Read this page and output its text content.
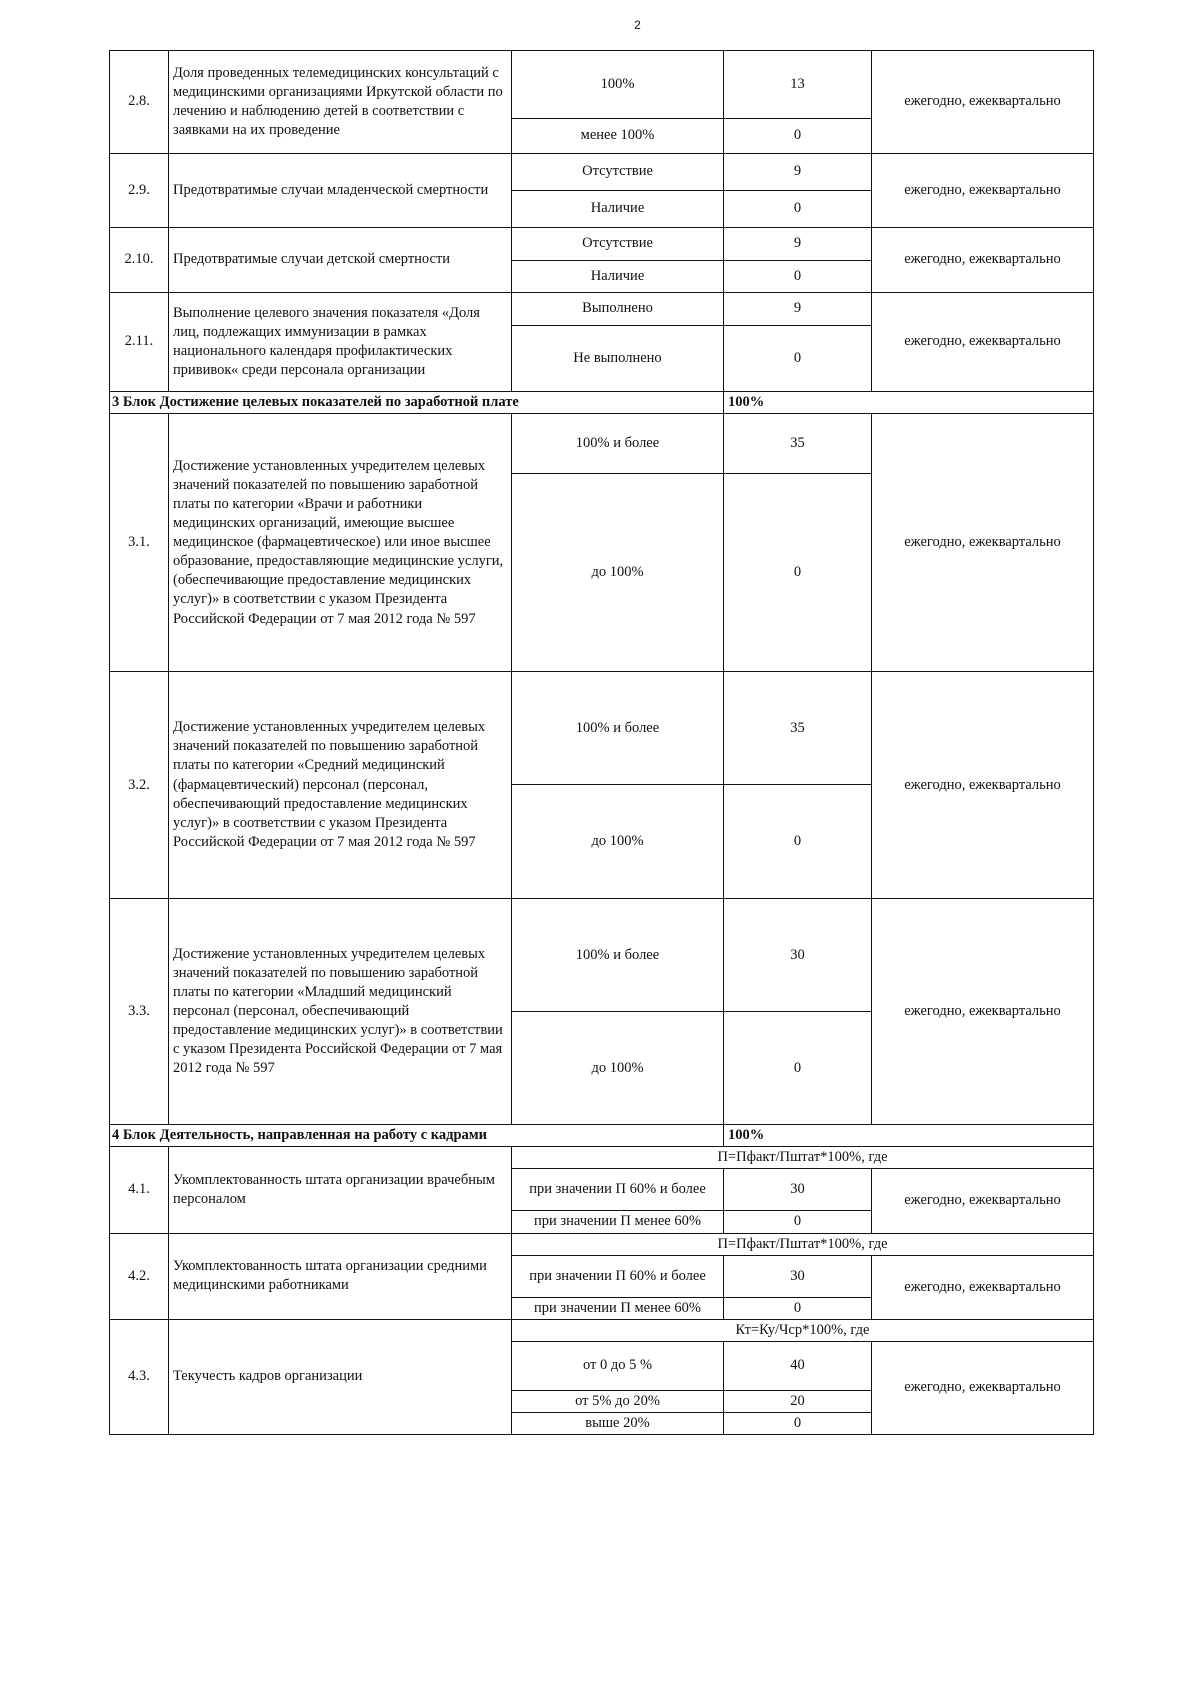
2
2.8.	Доля проведенных телемедицинских консультаций с медицинскими организациями Иркутской области по лечению и наблюдению детей в соответствии с заявками на их проведение	100%	13	ежегодно, ежеквартально
		менее 100%	0	
2.9.	Предотвратимые случаи младенческой смертности	Отсутствие	9	ежегодно, ежеквартально
		Наличие	0	
2.10.	Предотвратимые случаи детской смертности	Отсутствие	9	ежегодно, ежеквартально
		Наличие	0	
2.11.	Выполнение целевого значения показателя «Доля лиц, подлежащих иммунизации в рамках национального календаря профилактических прививок« среди персонала организации	Выполнено	9	ежегодно, ежеквартально
		Не выполнено	0	
3 Блок Достижение целевых показателей по заработной плате			100%	
3.1.	Достижение установленных учредителем целевых значений показателей по повышению заработной платы по категории «Врачи и работники медицинских организаций, имеющие высшее медицинское (фармацевтическое) или иное высшее образование, предоставляющие медицинские услуги, (обеспечивающие предоставление медицинских услуг)» в соответствии с указом Президента Российской Федерации от 7 мая 2012 года № 597	100% и более	35	ежегодно, ежеквартально
		до 100%	0	
3.2.	Достижение установленных учредителем целевых значений показателей по повышению заработной платы по категории «Средний медицинский (фармацевтический) персонал (персонал, обеспечивающий предоставление медицинских услуг)» в соответствии с указом Президента Российской Федерации от 7 мая 2012 года № 597	100% и более	35	ежегодно, ежеквартально
		до 100%	0	
3.3.	Достижение установленных учредителем целевых значений показателей по повышению заработной платы по категории «Младший медицинский персонал (персонал, обеспечивающий предоставление медицинских услуг)» в соответствии с указом Президента Российской Федерации от 7 мая 2012 года № 597	100% и более	30	ежегодно, ежеквартально
		до 100%	0	
4 Блок Деятельность, направленная на работу с кадрами			100%	
4.1.	Укомплектованность штата организации врачебным персоналом	П=Пфакт/Пштат*100%, где		
		при значении П 60% и более	30	ежегодно, ежеквартально
		при значении П менее 60%	0	
4.2.	Укомплектованность штата организации средними медицинскими работниками	П=Пфакт/Пштат*100%, где		
		при значении П 60% и более	30	ежегодно, ежеквартально
		при значении П менее 60%	0	
4.3.	Текучесть кадров организации	Кт=Ку/Чср*100%, где		
		от 0 до 5 %	40	ежегодно, ежеквартально
		от 5% до 20%	20	
		выше 20%	0	
